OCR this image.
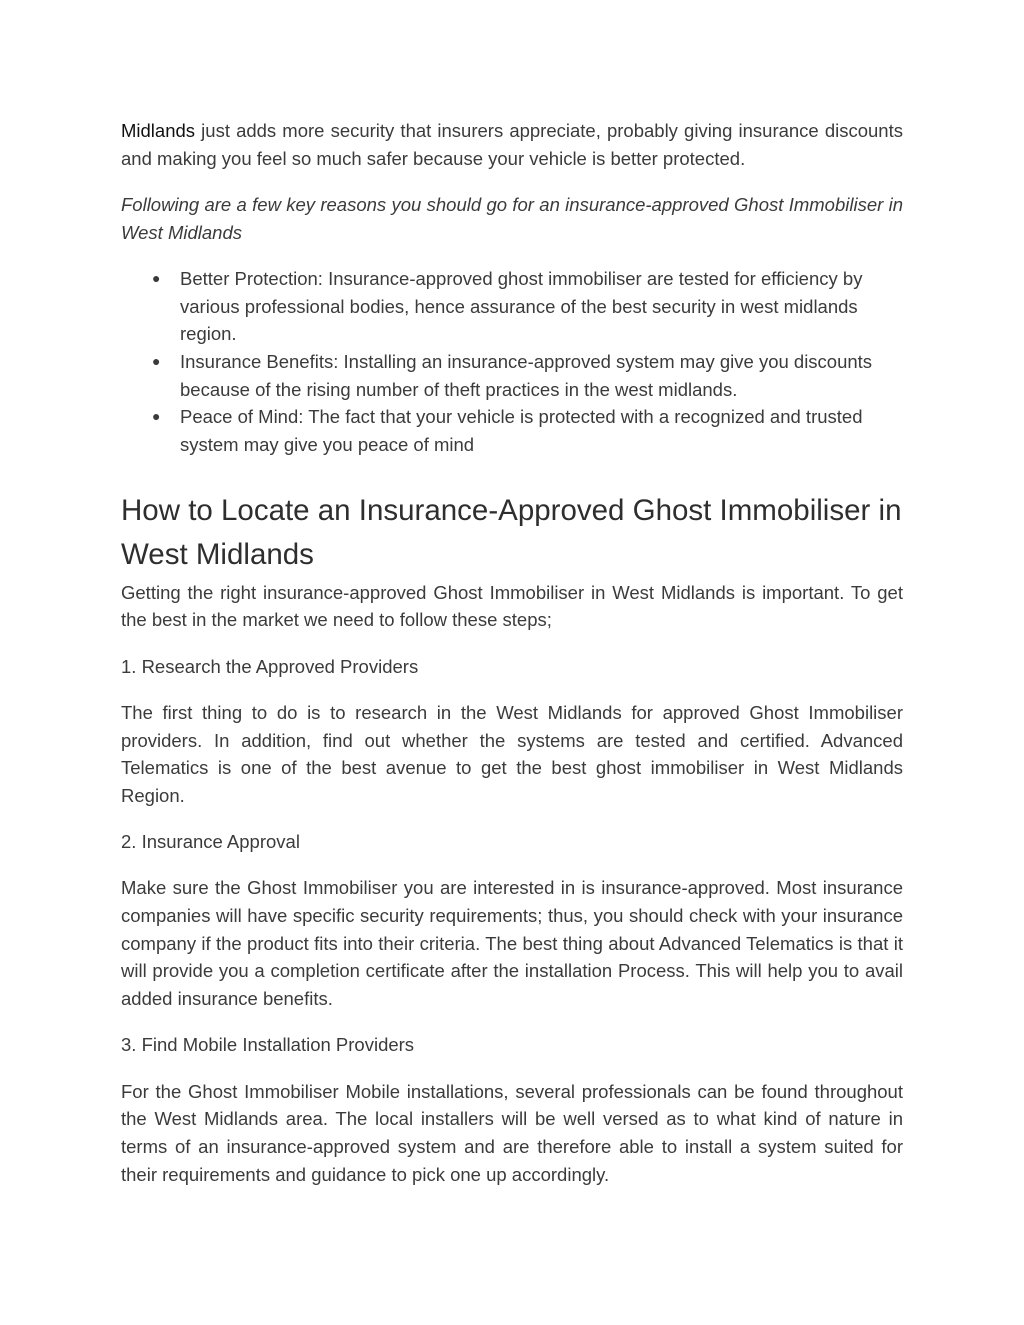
Midlands just adds more security that insurers appreciate, probably giving insurance discounts and making you feel so much safer because your vehicle is better protected.

Following are a few key reasons you should go for an insurance-approved Ghost Immobiliser in West Midlands

● Better Protection: Insurance-approved ghost immobiliser are tested for efficiency by various professional bodies, hence assurance of the best security in west midlands region.
● Insurance Benefits: Installing an insurance-approved system may give you discounts because of the rising number of theft practices in the west midlands.
● Peace of Mind: The fact that your vehicle is protected with a recognized and trusted system may give you peace of mind
How to Locate an Insurance-Approved Ghost Immobiliser in West Midlands

Getting the right insurance-approved Ghost Immobiliser in West Midlands is important. To get the best in the market we need to follow these steps;

1. Research the Approved Providers

The first thing to do is to research in the West Midlands for approved Ghost Immobiliser providers. In addition, find out whether the systems are tested and certified. Advanced Telematics is one of the best avenue to get the best ghost immobiliser in West Midlands Region.

2. Insurance Approval

Make sure the Ghost Immobiliser you are interested in is insurance-approved. Most insurance companies will have specific security requirements; thus, you should check with your insurance company if the product fits into their criteria. The best thing about Advanced Telematics is that it will provide you a completion certificate after the installation Process. This will help you to avail added insurance benefits.

3. Find Mobile Installation Providers

For the Ghost Immobiliser Mobile installations, several professionals can be found throughout the West Midlands area. The local installers will be well versed as to what kind of nature in terms of an insurance-approved system and are therefore able to install a system suited for their requirements and guidance to pick one up accordingly.
